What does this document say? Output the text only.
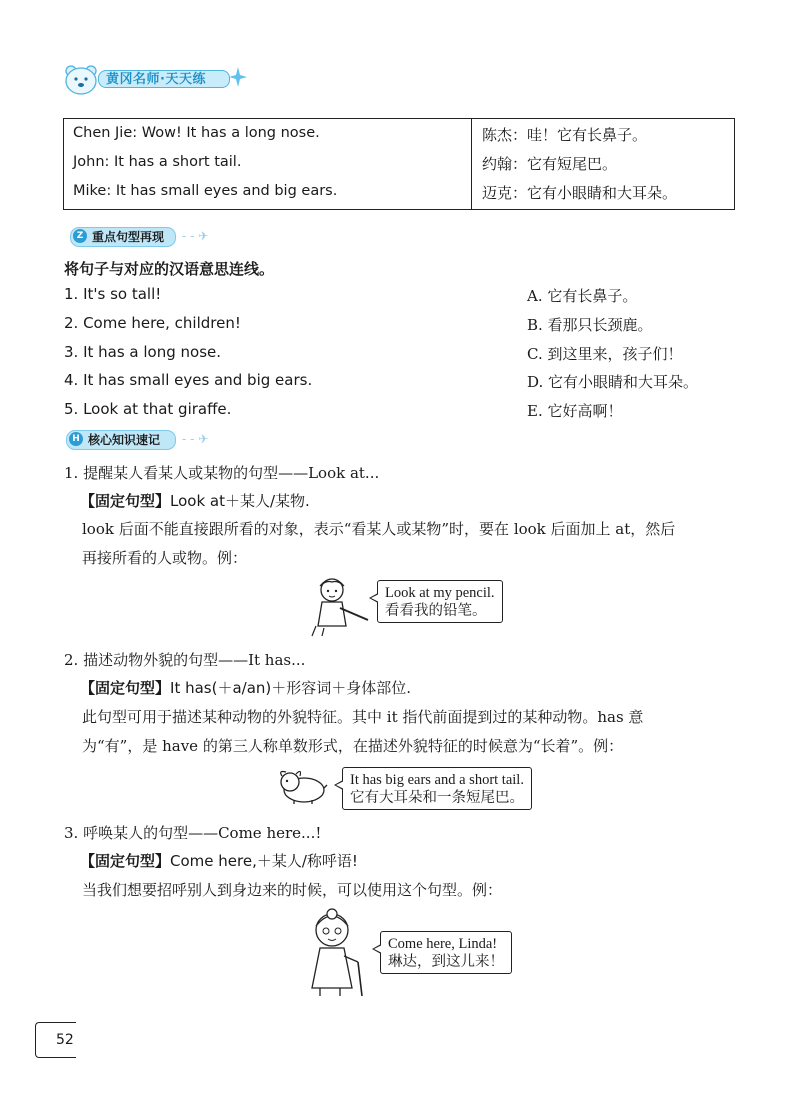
黄冈名师·天天练
Chen Jie: Wow! It has a long nose.	陈杰：哇！它有长鼻子。
John: It has a short tail.	约翰：它有短尾巴。
Mike: It has small eyes and big ears.	迈克：它有小眼睛和大耳朵。
Z 重点句型再现 - - ✈
将句子与对应的汉语意思连线。
1. It's so tall!
2. Come here, children!
3. It has a long nose.
4. It has small eyes and big ears.
5. Look at that giraffe.
A. 它有长鼻子。
B. 看那只长颈鹿。
C. 到这里来，孩子们！
D. 它有小眼睛和大耳朵。
E. 它好高啊！
H 核心知识速记 - - ✈
1. 提醒某人看某人或某物的句型——Look at...
【固定句型】Look at＋某人/某物.
look 后面不能直接跟所看的对象，表示“看某人或某物”时，要在 look 后面加上 at，然后
再接所看的人或物。例：
Look at my pencil.
看看我的铅笔。
2. 描述动物外貌的句型——It has...
【固定句型】It has(＋a/an)＋形容词＋身体部位.
此句型可用于描述某种动物的外貌特征。其中 it 指代前面提到过的某种动物。has 意
为“有”，是 have 的第三人称单数形式，在描述外貌特征的时候意为“长着”。例：
It has big ears and a short tail.
它有大耳朵和一条短尾巴。
3. 呼唤某人的句型——Come here...!
【固定句型】Come here,＋某人/称呼语!
当我们想要招呼别人到身边来的时候，可以使用这个句型。例：
Come here, Linda!
琳达，到这儿来！
52
